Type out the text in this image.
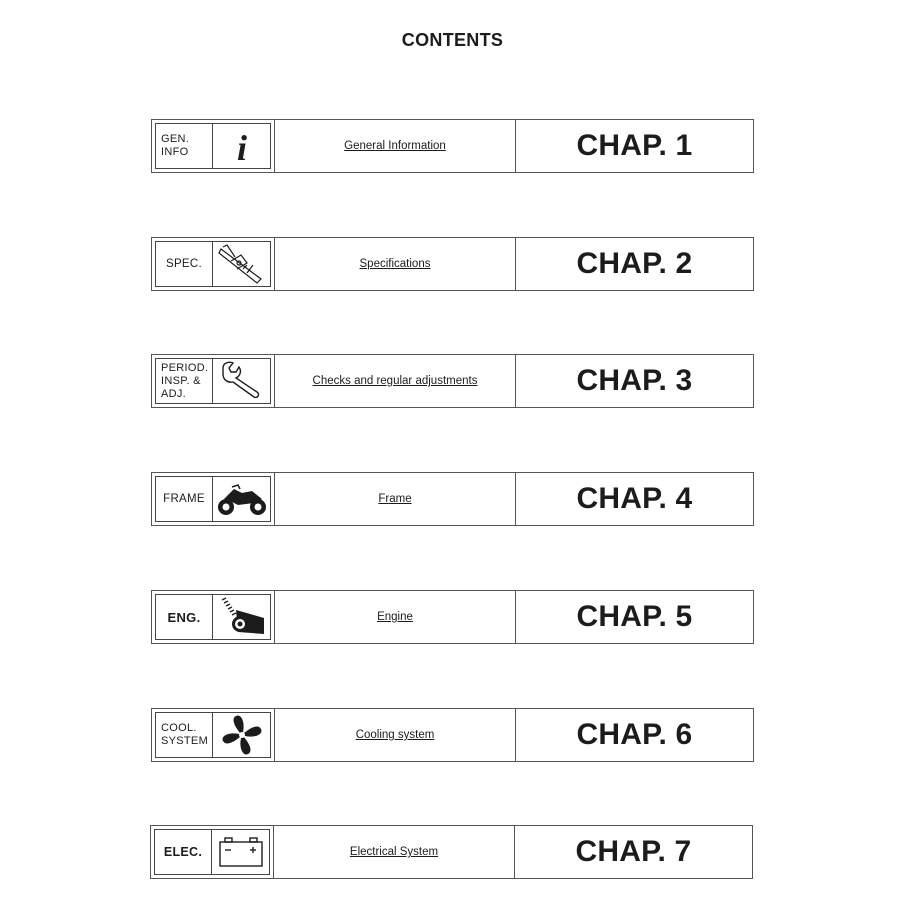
CONTENTS
GEN.
INFO	i	General Information	CHAP. 1
SPEC.	Specifications	CHAP. 2
PERIOD.
INSP. &
ADJ.
Checks and regular adjustments	CHAP. 3
FRAME	Frame	CHAP. 4
ENG.	Engine	CHAP. 5
COOL.
SYSTEM	Cooling system	CHAP. 6
ELEC.	Electrical System	CHAP. 7
